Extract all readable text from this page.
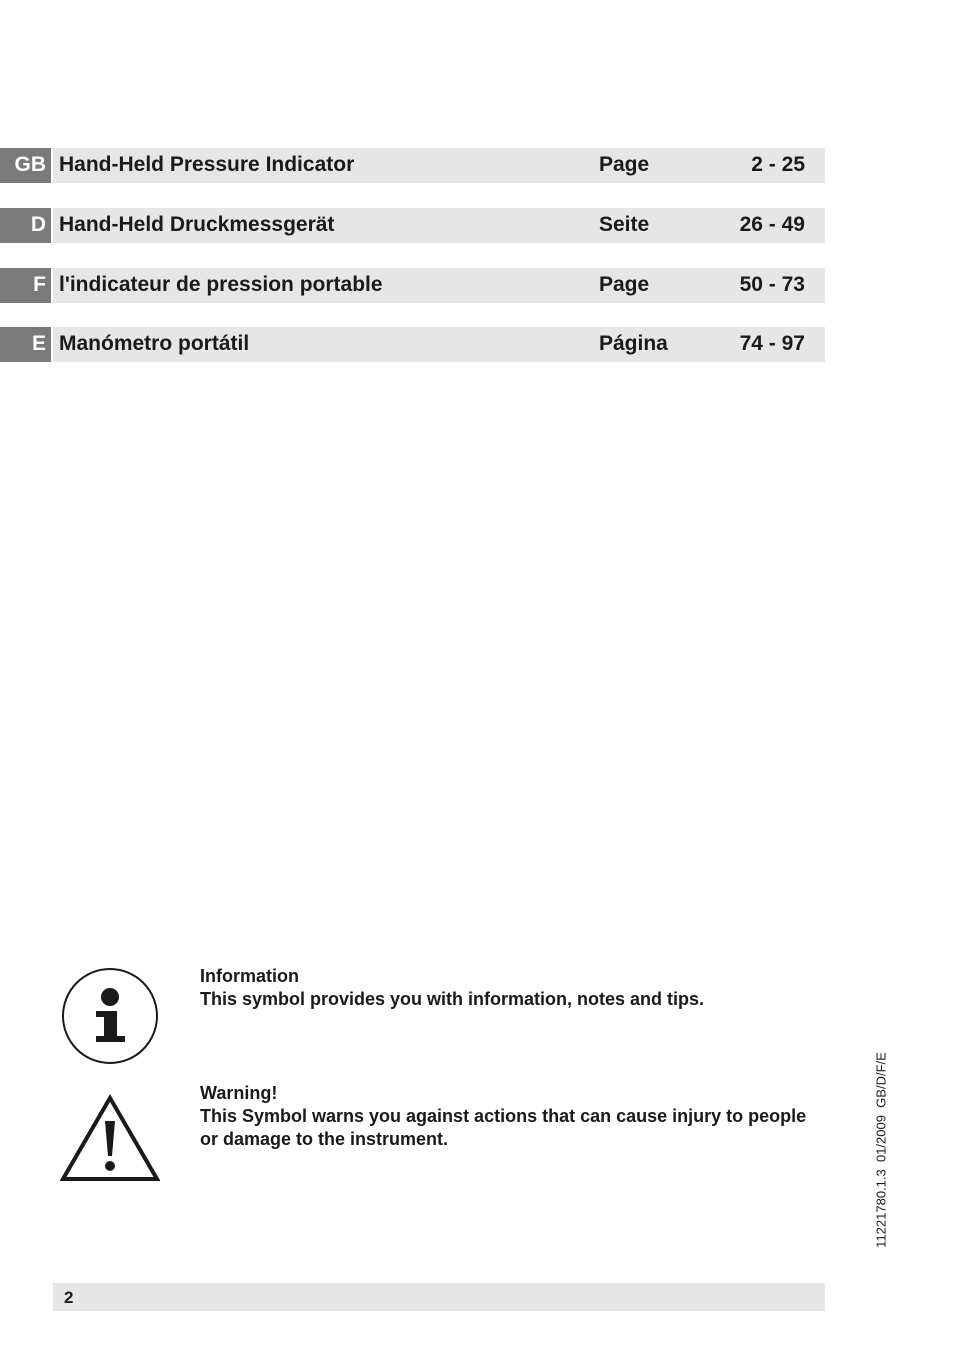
GB Hand-Held Pressure Indicator	Page	2 - 25
D Hand-Held Druckmessgerät	Seite	26 - 49
F l'indicateur de pression portable	Page	50 - 73
E Manómetro portátil	Página	74 - 97
Information
This symbol provides you with information, notes and tips.
Warning!
This Symbol warns you against actions that can cause injury to people or damage to the instrument.	11221780.1.3  01/2009  GB/D/F/E
2
